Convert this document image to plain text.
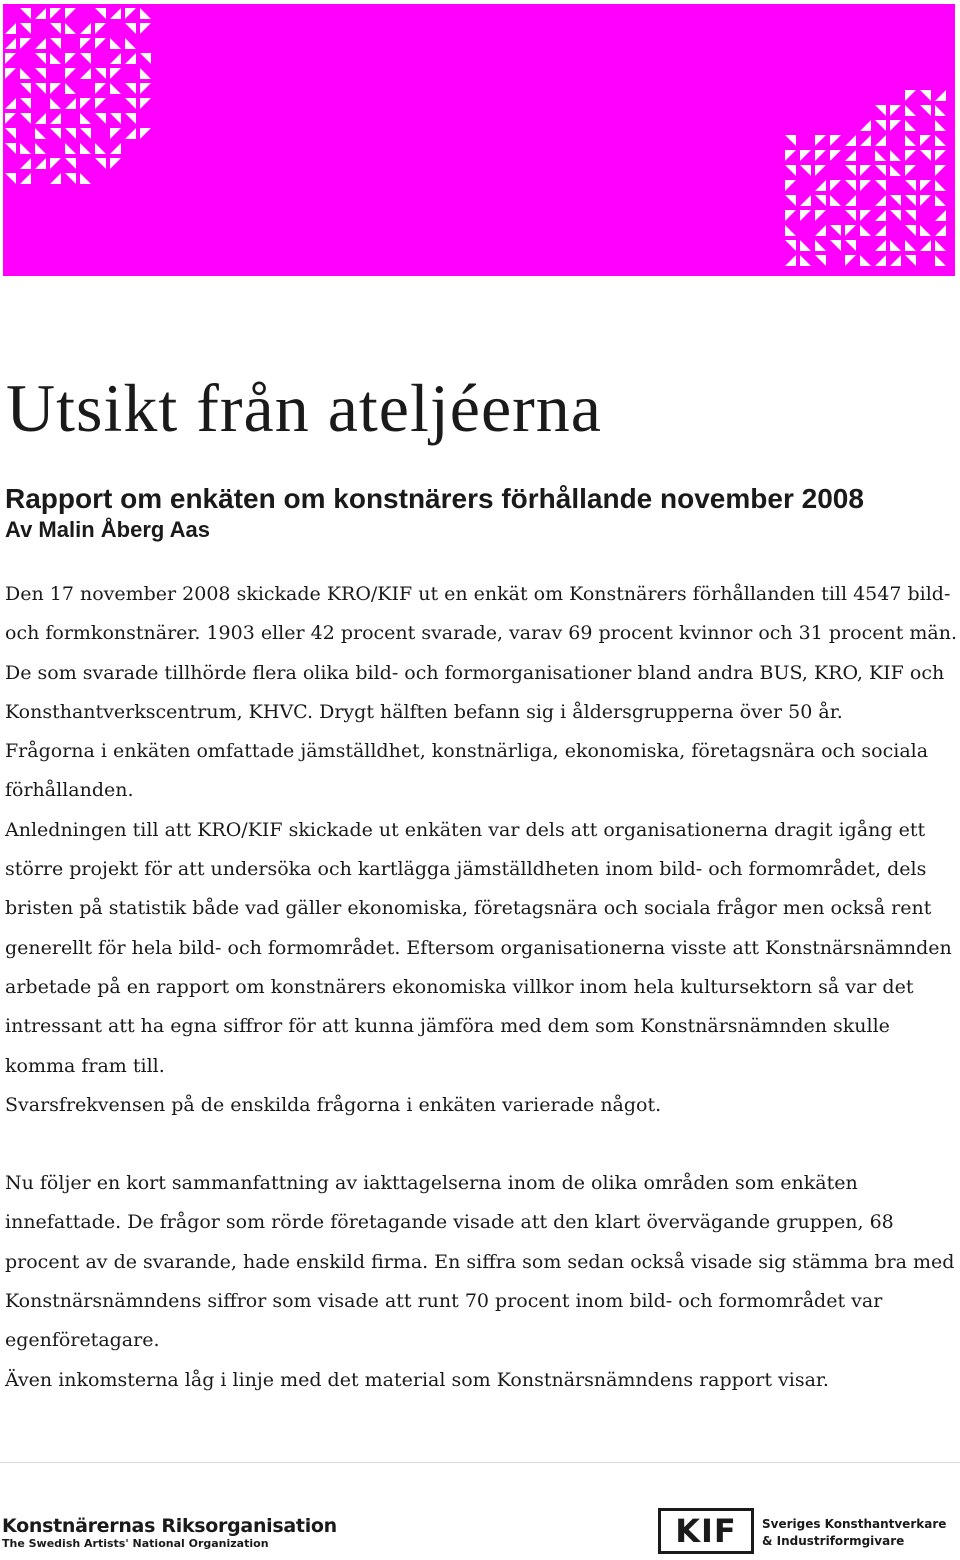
Utsikt från ateljéerna
Rapport om enkäten om konstnärers förhållande november 2008
Av Malin Åberg Aas

Den 17 november 2008 skickade KRO/KIF ut en enkät om Konstnärers förhållanden till 4547 bild- och formkonstnärer. 1903 eller 42 procent svarade, varav 69 procent kvinnor och 31 procent män. De som svarade tillhörde flera olika bild- och formorganisationer bland andra BUS, KRO, KIF och Konsthantverkscentrum, KHVC. Drygt hälften befann sig i åldersgrupperna över 50 år.

Frågorna i enkäten omfattade jämställdhet, konstnärliga, ekonomiska, företagsnära och sociala förhållanden.

Anledningen till att KRO/KIF skickade ut enkäten var dels att organisationerna dragit igång ett större projekt för att undersöka och kartlägga jämställdheten inom bild- och formområdet, dels bristen på statistik både vad gäller ekonomiska, företagsnära och sociala frågor men också rent generellt för hela bild- och formområdet. Eftersom organisationerna visste att Konstnärsnämnden arbetade på en rapport om konstnärers ekonomiska villkor inom hela kultursektorn så var det intressant att ha egna siffror för att kunna jämföra med dem som Konstnärsnämnden skulle komma fram till.

Svarsfrekvensen på de enskilda frågorna i enkäten varierade något.

Nu följer en kort sammanfattning av iakttagelserna inom de olika områden som enkäten innefattade. De frågor som rörde företagande visade att den klart övervägande gruppen, 68 procent av de svarande, hade enskild firma. En siffra som sedan också visade sig stämma bra med Konstnärsnämndens siffror som visade att runt 70 procent inom bild- och formområdet var egenföretagare.

Även inkomsterna låg i linje med det material som Konstnärsnämndens rapport visar.

Konstnärernas Riksorganisation
The Swedish Artists' National Organization	KIF	Sveriges Konsthantverkare
& Industriformgivare
